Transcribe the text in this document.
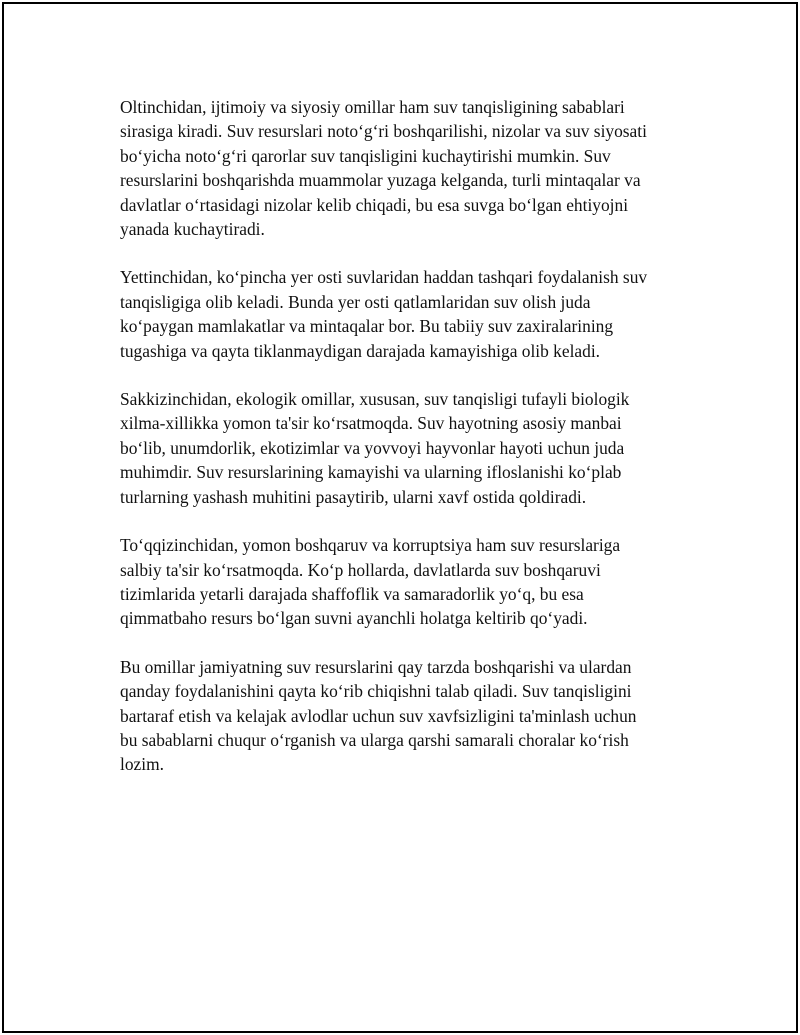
Oltinchidan, ijtimoiy va siyosiy omillar ham suv tanqisligining sabablari
sirasiga kiradi. Suv resurslari noto‘g‘ri boshqarilishi, nizolar va suv siyosati
bo‘yicha noto‘g‘ri qarorlar suv tanqisligini kuchaytirishi mumkin. Suv
resurslarini boshqarishda muammolar yuzaga kelganda, turli mintaqalar va
davlatlar o‘rtasidagi nizolar kelib chiqadi, bu esa suvga bo‘lgan ehtiyojni
yanada kuchaytiradi.

Yettinchidan, ko‘pincha yer osti suvlaridan haddan tashqari foydalanish suv
tanqisligiga olib keladi. Bunda yer osti qatlamlaridan suv olish juda
ko‘paygan mamlakatlar va mintaqalar bor. Bu tabiiy suv zaxiralarining
tugashiga va qayta tiklanmaydigan darajada kamayishiga olib keladi.

Sakkizinchidan, ekologik omillar, xususan, suv tanqisligi tufayli biologik
xilma-xillikka yomon ta'sir ko‘rsatmoqda. Suv hayotning asosiy manbai
bo‘lib, unumdorlik, ekotizimlar va yovvoyi hayvonlar hayoti uchun juda
muhimdir. Suv resurslarining kamayishi va ularning ifloslanishi ko‘plab
turlarning yashash muhitini pasaytirib, ularni xavf ostida qoldiradi.

To‘qqizinchidan, yomon boshqaruv va korruptsiya ham suv resurslariga
salbiy ta'sir ko‘rsatmoqda. Ko‘p hollarda, davlatlarda suv boshqaruvi
tizimlarida yetarli darajada shaffoflik va samaradorlik yo‘q, bu esa
qimmatbaho resurs bo‘lgan suvni ayanchli holatga keltirib qo‘yadi.

Bu omillar jamiyatning suv resurslarini qay tarzda boshqarishi va ulardan
qanday foydalanishini qayta ko‘rib chiqishni talab qiladi. Suv tanqisligini
bartaraf etish va kelajak avlodlar uchun suv xavfsizligini ta'minlash uchun
bu sabablarni chuqur o‘rganish va ularga qarshi samarali choralar ko‘rish
lozim.
